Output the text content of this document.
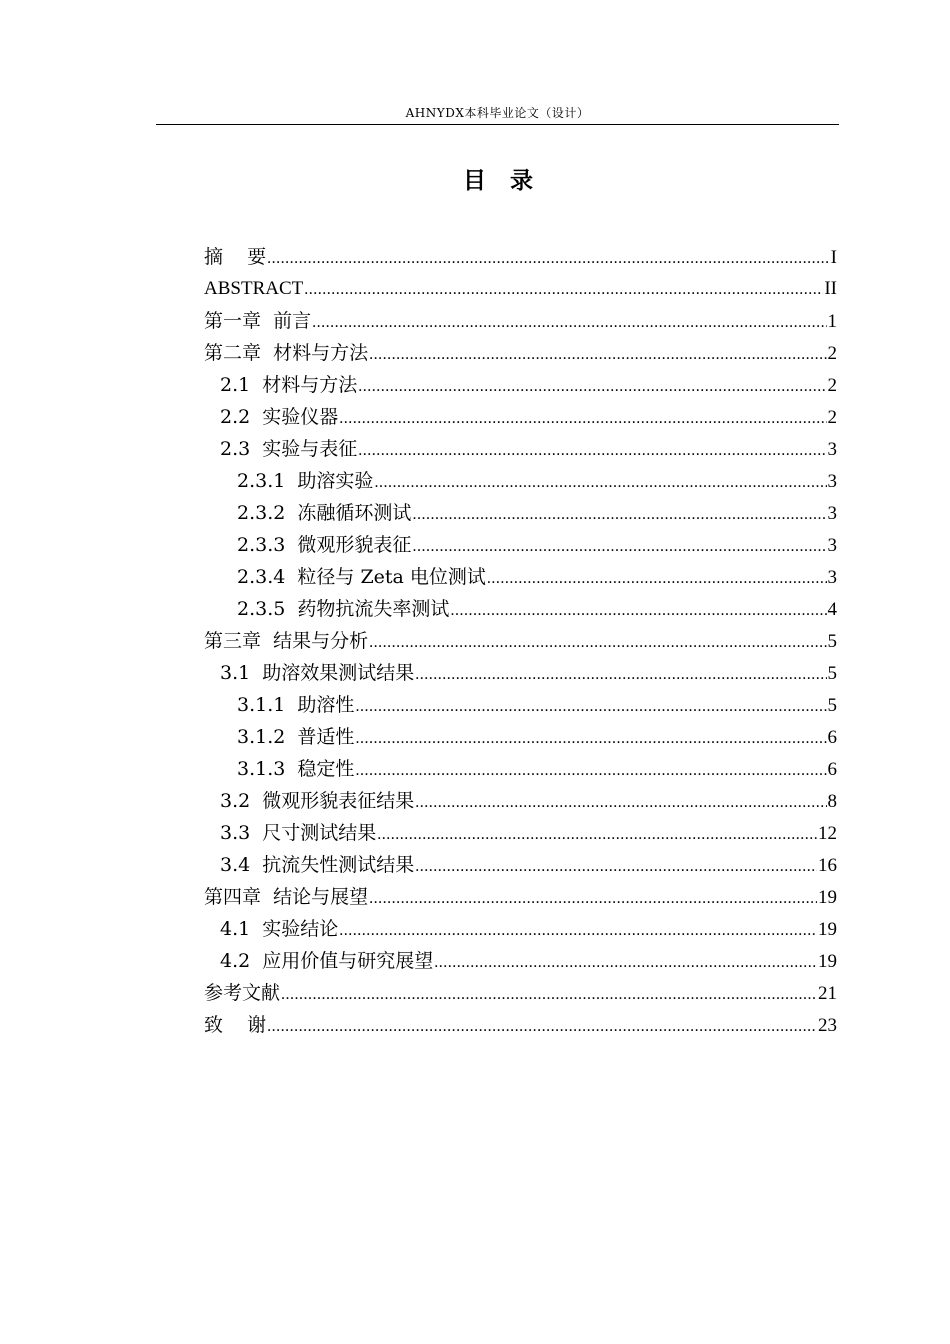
AHNYDX本科毕业论文（设计）
目   录
摘    要 .....	I
ABSTRACT .....	II
第一章  前言 .....	1
第二章  材料与方法 .....	2
2.1  材料与方法 .....	2
2.2  实验仪器 .....	2
2.3  实验与表征 .....	3
2.3.1  助溶实验 .....	3
2.3.2  冻融循环测试 .....	3
2.3.3  微观形貌表征 .....	3
2.3.4  粒径与 Zeta 电位测试 .....	3
2.3.5  药物抗流失率测试 .....	4
第三章  结果与分析 .....	5
3.1  助溶效果测试结果 .....	5
3.1.1  助溶性 .....	5
3.1.2  普适性 .....	6
3.1.3  稳定性 .....	6
3.2  微观形貌表征结果 .....	8
3.3  尺寸测试结果 .....	12
3.4  抗流失性测试结果 .....	16
第四章  结论与展望 .....	19
4.1  实验结论 .....	19
4.2  应用价值与研究展望 .....	19
参考文献 .....	21
致    谢 .....	23
